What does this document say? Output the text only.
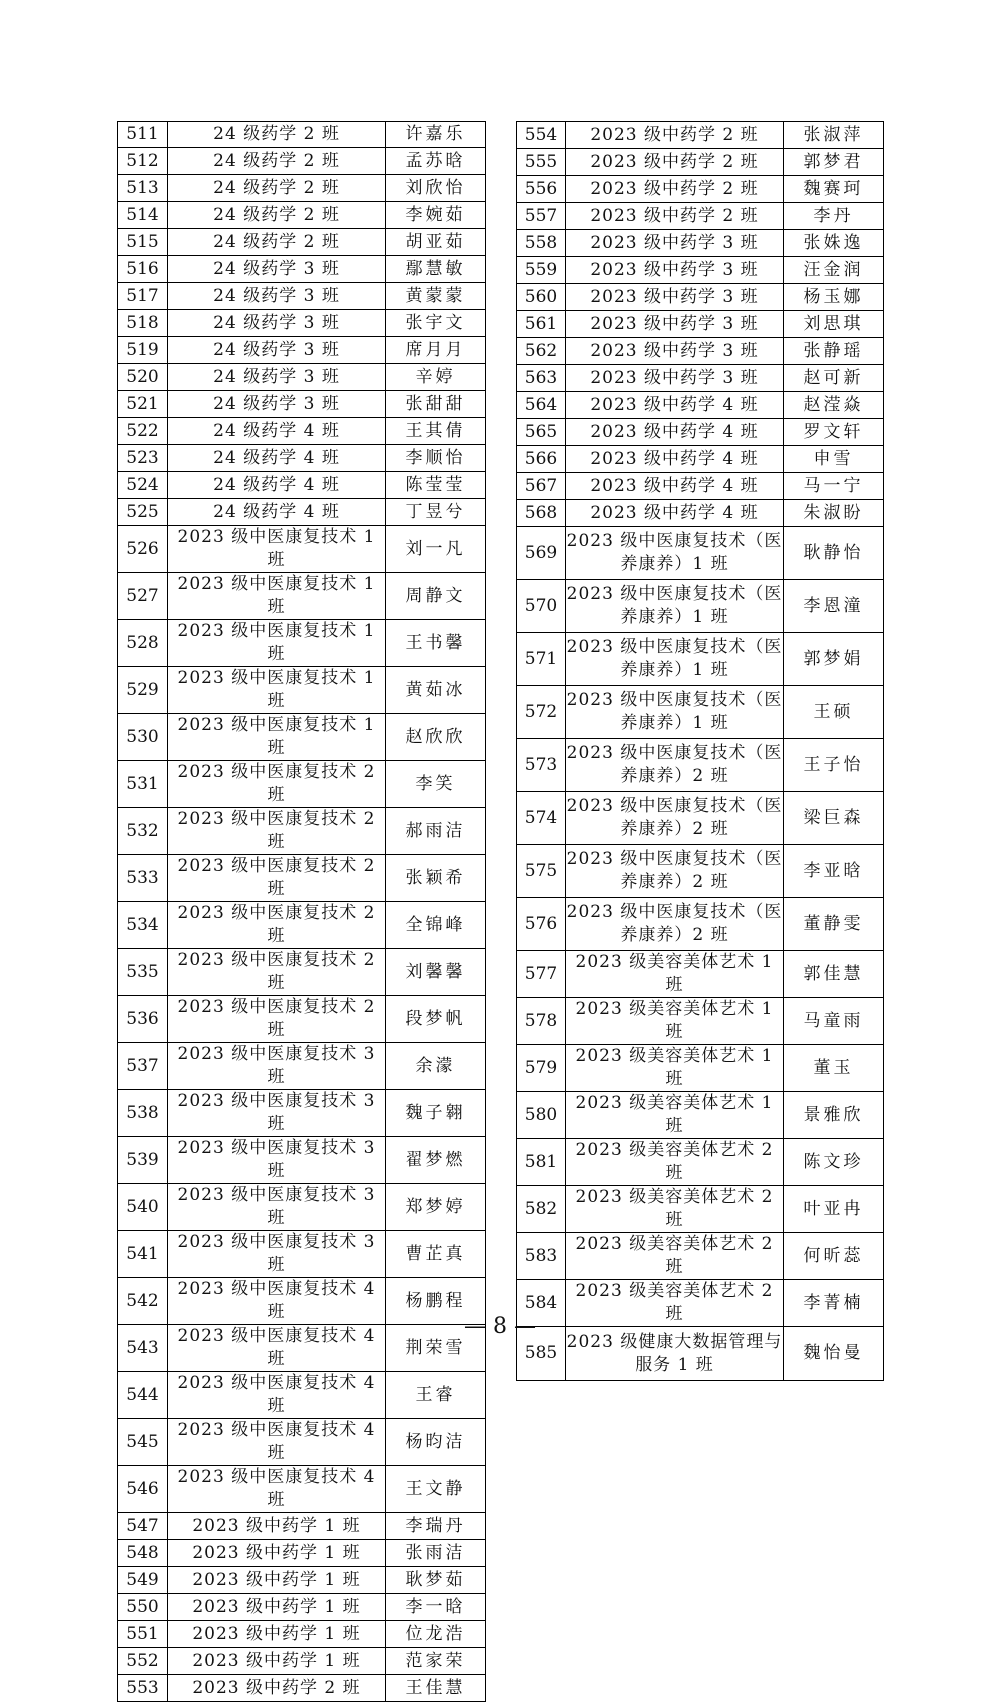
511	24 级药学 2 班	许嘉乐
512	24 级药学 2 班	孟苏晗
513	24 级药学 2 班	刘欣怡
514	24 级药学 2 班	李婉茹
515	24 级药学 2 班	胡亚茹
516	24 级药学 3 班	鄢慧敏
517	24 级药学 3 班	黄蒙蒙
518	24 级药学 3 班	张宇文
519	24 级药学 3 班	席月月
520	24 级药学 3 班	辛婷
521	24 级药学 3 班	张甜甜
522	24 级药学 4 班	王其倩
523	24 级药学 4 班	李顺怡
524	24 级药学 4 班	陈莹莹
525	24 级药学 4 班	丁昱兮
526	2023 级中医康复技术 1 班	刘一凡
527	2023 级中医康复技术 1 班	周静文
528	2023 级中医康复技术 1 班	王书馨
529	2023 级中医康复技术 1 班	黄茹冰
530	2023 级中医康复技术 1 班	赵欣欣
531	2023 级中医康复技术 2 班	李笑
532	2023 级中医康复技术 2 班	郝雨洁
533	2023 级中医康复技术 2 班	张颖希
534	2023 级中医康复技术 2 班	全锦峰
535	2023 级中医康复技术 2 班	刘馨馨
536	2023 级中医康复技术 2 班	段梦帆
537	2023 级中医康复技术 3 班	余濛
538	2023 级中医康复技术 3 班	魏子翱
539	2023 级中医康复技术 3 班	翟梦燃
540	2023 级中医康复技术 3 班	郑梦婷
541	2023 级中医康复技术 3 班	曹芷真
542	2023 级中医康复技术 4 班	杨鹏程
543	2023 级中医康复技术 4 班	荆荣雪
544	2023 级中医康复技术 4 班	王睿
545	2023 级中医康复技术 4 班	杨昀洁
546	2023 级中医康复技术 4 班	王文静
547	2023 级中药学 1 班	李瑞丹
548	2023 级中药学 1 班	张雨洁
549	2023 级中药学 1 班	耿梦茹
550	2023 级中药学 1 班	李一晗
551	2023 级中药学 1 班	位龙浩
552	2023 级中药学 1 班	范家荣
553	2023 级中药学 2 班	王佳慧
554	2023 级中药学 2 班	张淑萍
555	2023 级中药学 2 班	郭梦君
556	2023 级中药学 2 班	魏赛珂
557	2023 级中药学 2 班	李丹
558	2023 级中药学 3 班	张姝逸
559	2023 级中药学 3 班	汪金润
560	2023 级中药学 3 班	杨玉娜
561	2023 级中药学 3 班	刘思琪
562	2023 级中药学 3 班	张静瑶
563	2023 级中药学 3 班	赵可新
564	2023 级中药学 4 班	赵滢焱
565	2023 级中药学 4 班	罗文轩
566	2023 级中药学 4 班	申雪
567	2023 级中药学 4 班	马一宁
568	2023 级中药学 4 班	朱淑盼
569	2023 级中医康复技术（医养康养）1 班	耿静怡
570	2023 级中医康复技术（医养康养）1 班	李恩潼
571	2023 级中医康复技术（医养康养）1 班	郭梦娟
572	2023 级中医康复技术（医养康养）1 班	王硕
573	2023 级中医康复技术（医养康养）2 班	王子怡
574	2023 级中医康复技术（医养康养）2 班	梁巨森
575	2023 级中医康复技术（医养康养）2 班	李亚晗
576	2023 级中医康复技术（医养康养）2 班	董静雯
577	2023 级美容美体艺术 1 班	郭佳慧
578	2023 级美容美体艺术 1 班	马童雨
579	2023 级美容美体艺术 1 班	董玉
580	2023 级美容美体艺术 1 班	景雅欣
581	2023 级美容美体艺术 2 班	陈文珍
582	2023 级美容美体艺术 2 班	叶亚冉
583	2023 级美容美体艺术 2 班	何昕蕊
584	2023 级美容美体艺术 2 班	李菁楠
585	2023 级健康大数据管理与服务 1 班	魏怡曼
— 8 —
